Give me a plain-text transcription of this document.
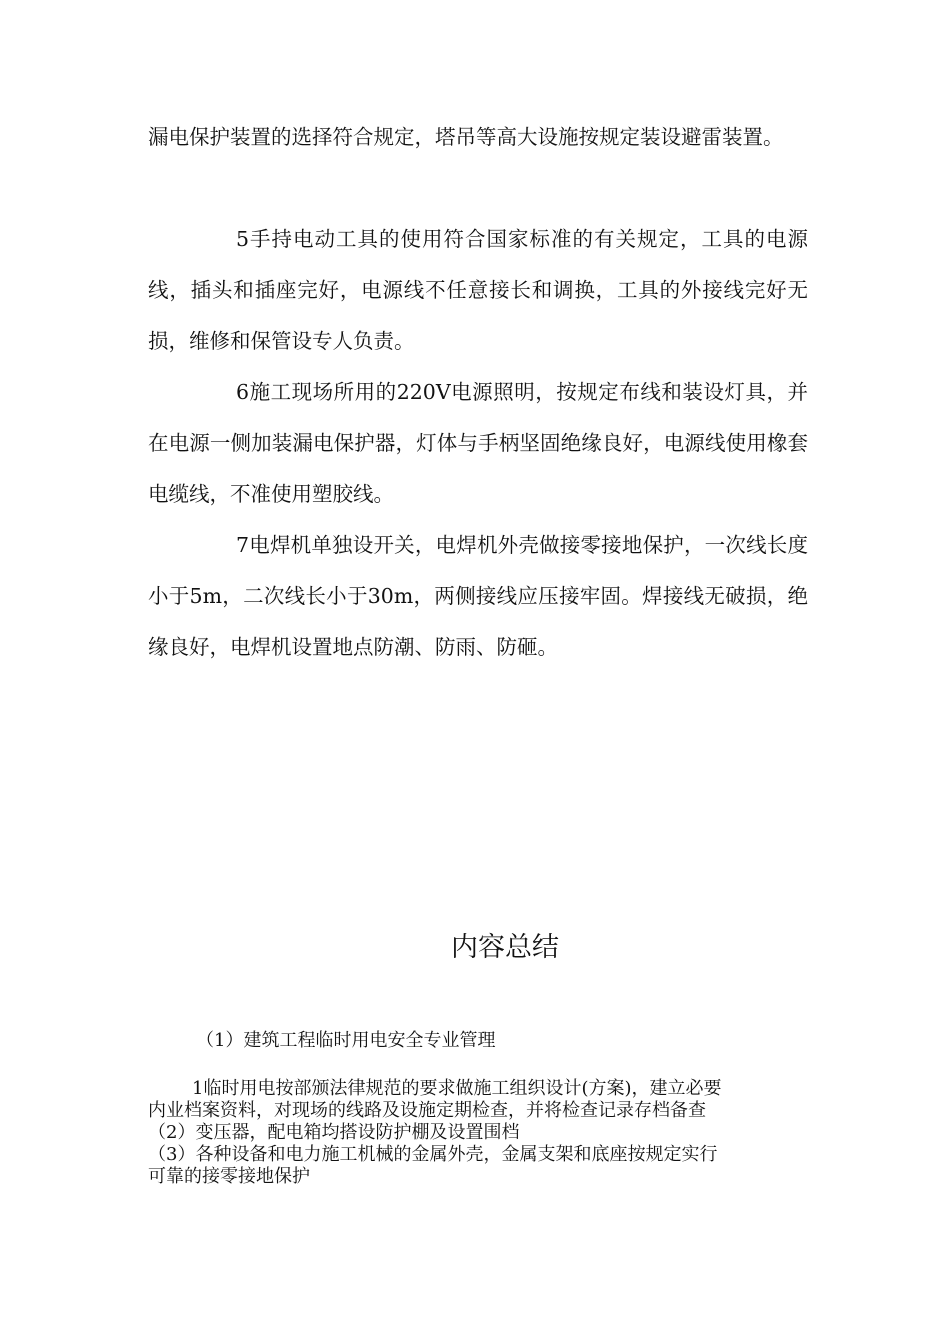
漏电保护装置的选择符合规定，塔吊等高大设施按规定装设避雷装置。

5手持电动工具的使用符合国家标准的有关规定，工具的电源线，插头和插座完好，电源线不任意接长和调换，工具的外接线完好无损，维修和保管设专人负责。

6施工现场所用的220V电源照明，按规定布线和装设灯具，并在电源一侧加装漏电保护器，灯体与手柄坚固绝缘良好，电源线使用橡套电缆线，不准使用塑胶线。

7电焊机单独设开关，电焊机外壳做接零接地保护，一次线长度小于5m，二次线长小于30m，两侧接线应压接牢固。焊接线无破损，绝缘良好，电焊机设置地点防潮、防雨、防砸。

内容总结

（1）建筑工程临时用电安全专业管理

1临时用电按部颁法律规范的要求做施工组织设计(方案)，建立必要
内业档案资料，对现场的线路及设施定期检查，并将检查记录存档备查
（2）变压器，配电箱均搭设防护棚及设置围档
（3）各种设备和电力施工机械的金属外壳，金属支架和底座按规定实行
可靠的接零接地保护
